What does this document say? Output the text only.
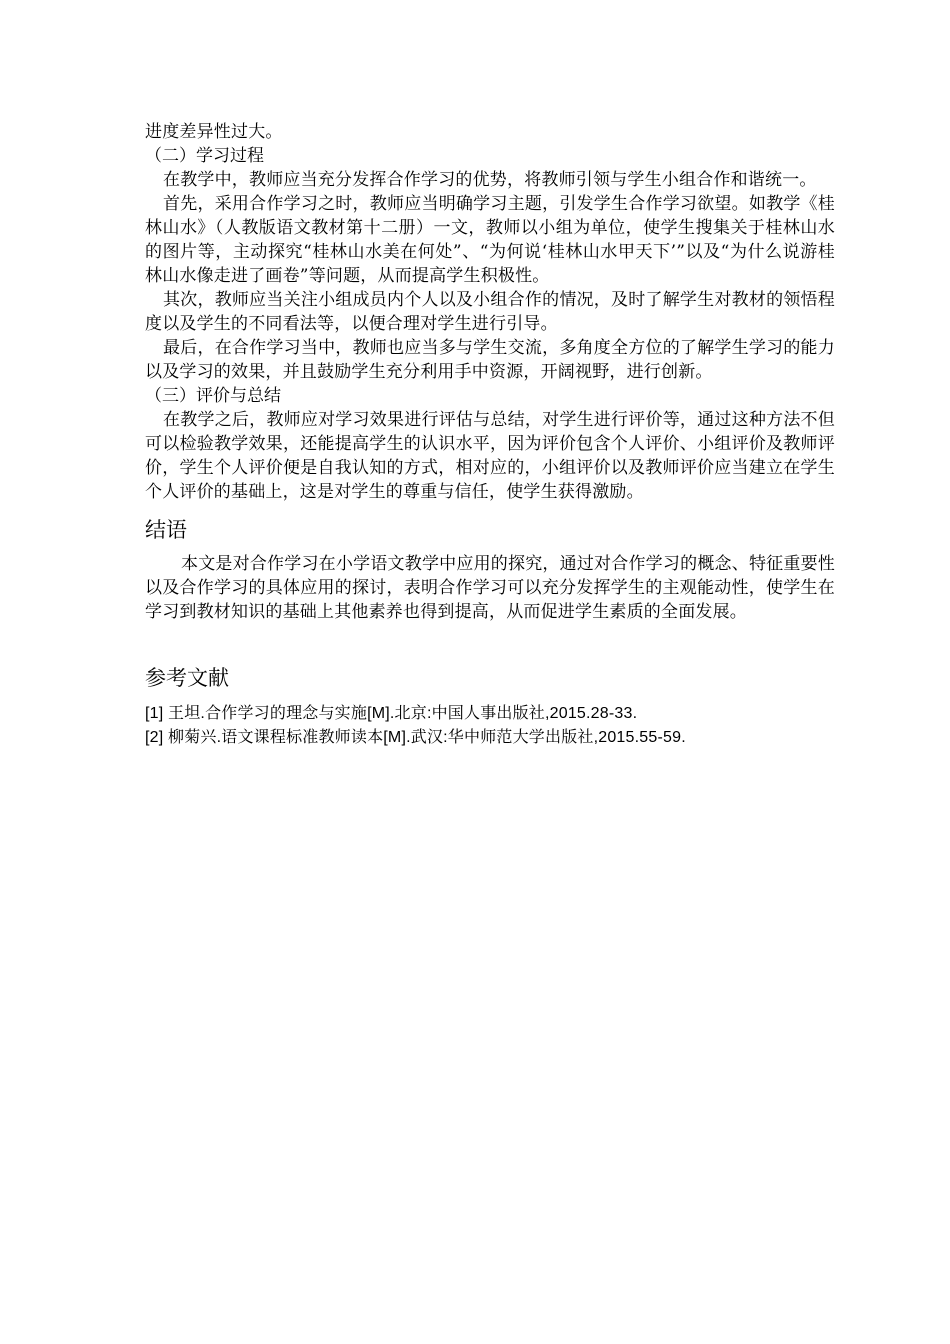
进度差异性过大。

（二）学习过程

在教学中，教师应当充分发挥合作学习的优势，将教师引领与学生小组合作和谐统一。

首先，采用合作学习之时，教师应当明确学习主题，引发学生合作学习欲望。如教学《桂林山水》（人教版语文教材第十二册）一文，教师以小组为单位，使学生搜集关于桂林山水的图片等，主动探究“桂林山水美在何处”、“为何说‘桂林山水甲天下’”以及“为什么说游桂林山水像走进了画卷”等问题，从而提高学生积极性。

其次，教师应当关注小组成员内个人以及小组合作的情况，及时了解学生对教材的领悟程度以及学生的不同看法等，以便合理对学生进行引导。

最后，在合作学习当中，教师也应当多与学生交流，多角度全方位的了解学生学习的能力以及学习的效果，并且鼓励学生充分利用手中资源，开阔视野，进行创新。

（三）评价与总结

在教学之后，教师应对学习效果进行评估与总结，对学生进行评价等，通过这种方法不但可以检验教学效果，还能提高学生的认识水平，因为评价包含个人评价、小组评价及教师评价，学生个人评价便是自我认知的方式，相对应的，小组评价以及教师评价应当建立在学生个人评价的基础上，这是对学生的尊重与信任，使学生获得激励。

结语

本文是对合作学习在小学语文教学中应用的探究，通过对合作学习的概念、特征重要性以及合作学习的具体应用的探讨，表明合作学习可以充分发挥学生的主观能动性，使学生在学习到教材知识的基础上其他素养也得到提高，从而促进学生素质的全面发展。

参考文献

[1] 王坦.合作学习的理念与实施[M].北京:中国人事出版社,2015.28-33.

[2] 柳菊兴.语文课程标准教师读本[M].武汉:华中师范大学出版社,2015.55-59.
